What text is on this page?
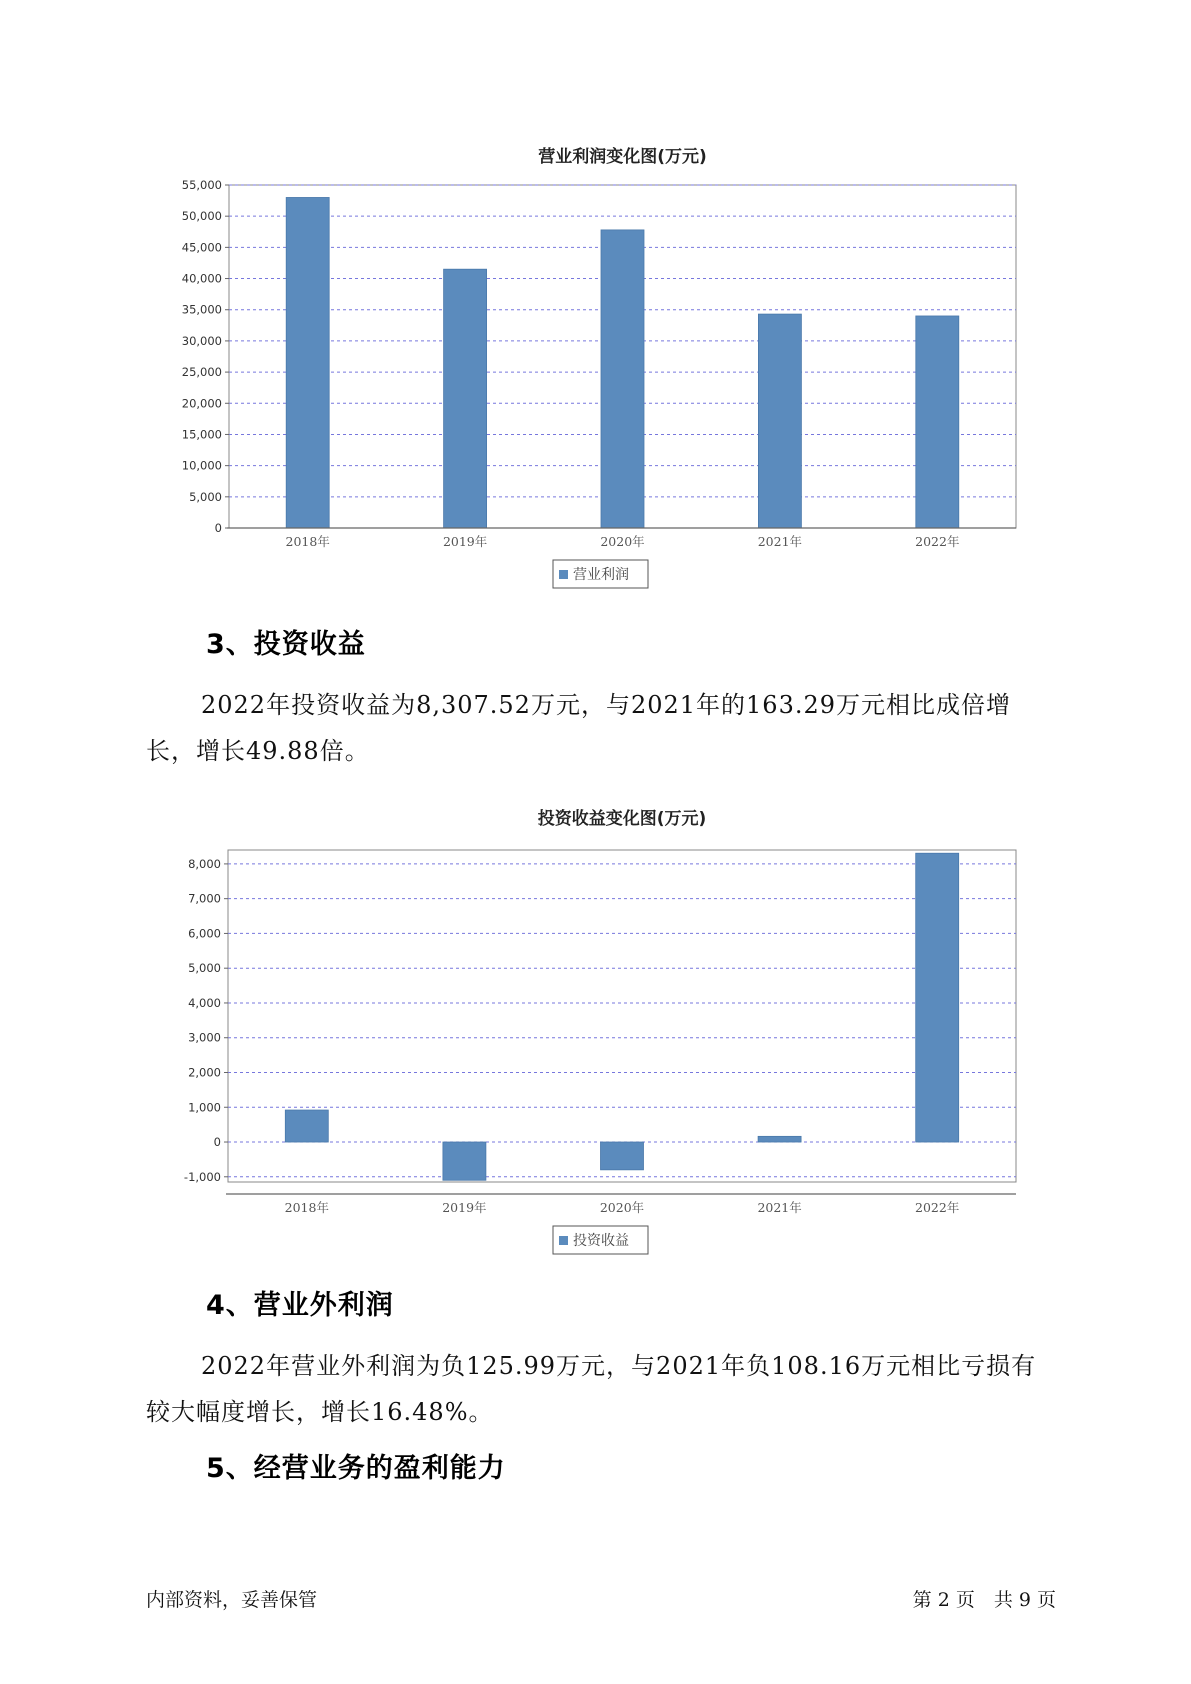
营业利润变化图(万元)
0
5,000
10,000
15,000
20,000
25,000
30,000
35,000
40,000
45,000
50,000
55,000
2018年	2019年	2020年	2021年	2022年
营业利润
投资收益变化图(万元)
-1,000
0
1,000
2,000
3,000
4,000
5,000
6,000
7,000
8,000
2018年	2019年	2020年	2021年	2022年
投资收益
3、投资收益

2022年投资收益为8,307.52万元，与2021年的163.29万元相比成倍增长，增长49.88倍。

4、营业外利润

2022年营业外利润为负125.99万元，与2021年负108.16万元相比亏损有较大幅度增长，增长16.48%。

5、经营业务的盈利能力
内部资料，妥善保管	第 2 页　共 9 页
